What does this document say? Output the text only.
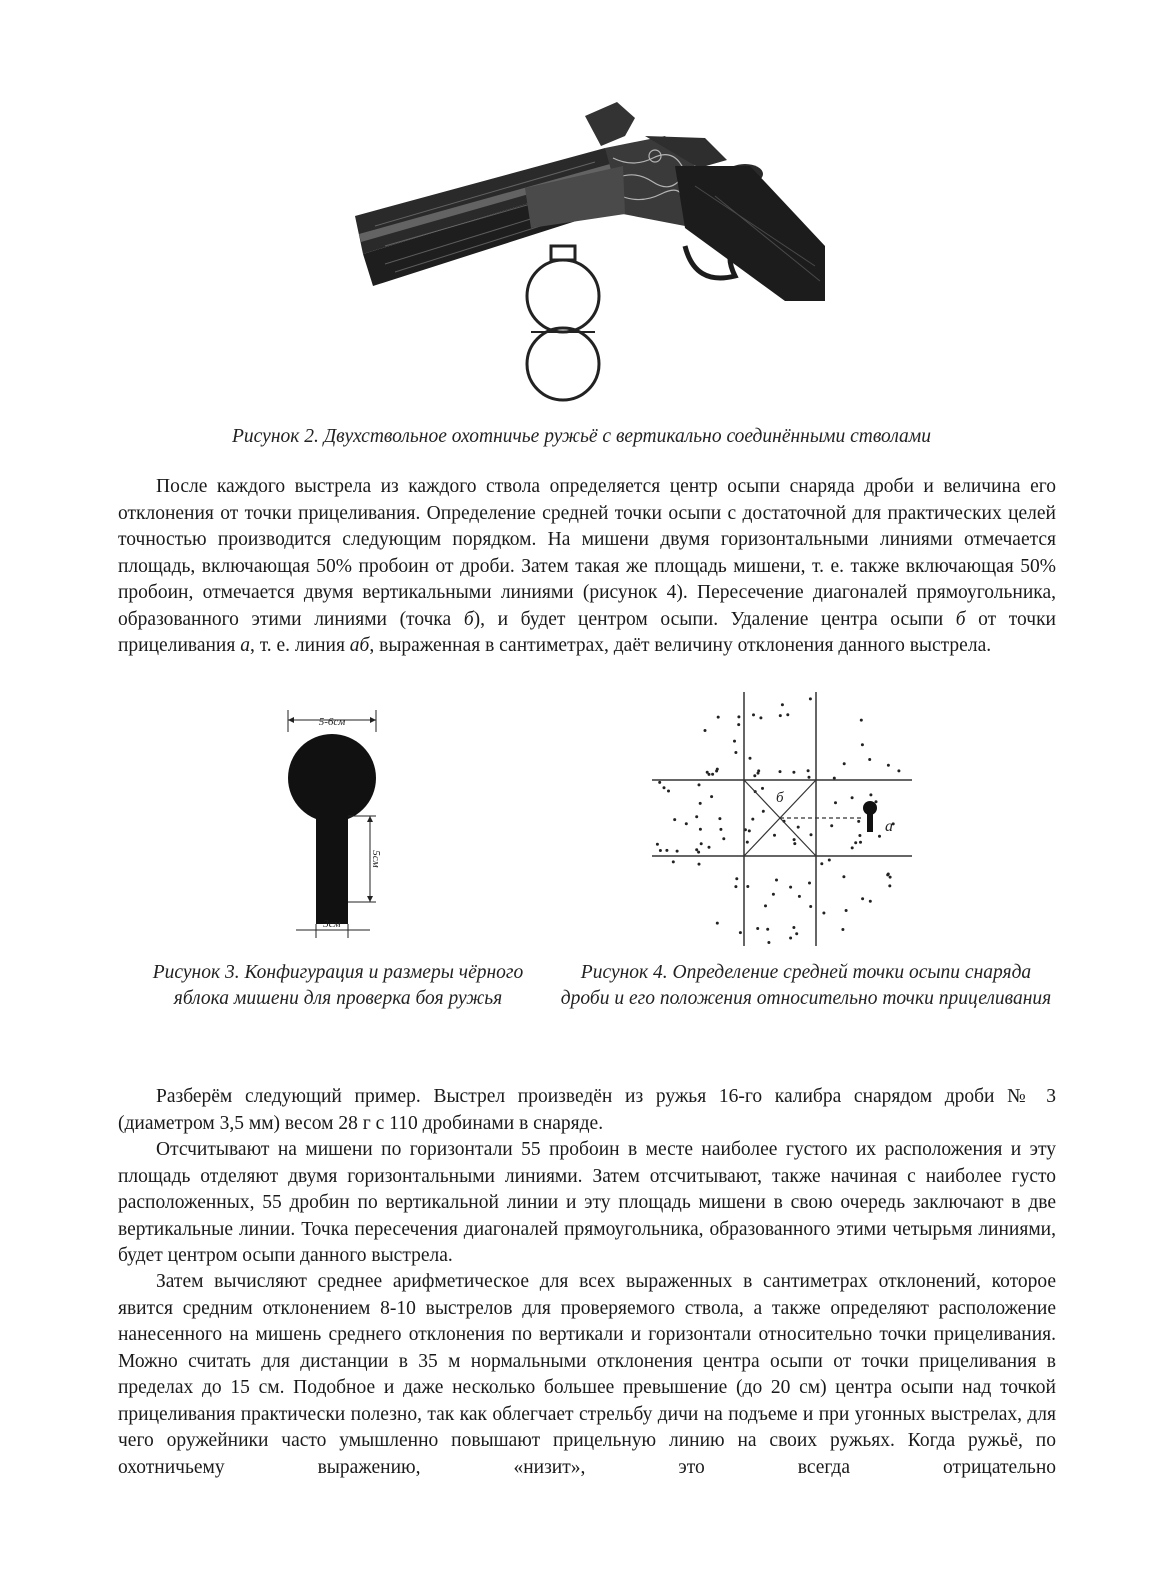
Рисунок 2. Двухствольное охотничье ружьё с вертикально соединёнными стволами

После каждого выстрела из каждого ствола определяется центр осыпи снаряда дроби и величина его отклонения от точки прицеливания. Определение средней точки осыпи с достаточной для практических целей точностью производится следующим порядком. На мишени двумя горизонтальными линиями отмечается площадь, включающая 50% пробоин от дроби. Затем такая же площадь мишени, т. е. также включающая 50% пробоин, отмечается двумя вертикальными линиями (рисунок 4). Пересечение диагоналей прямоугольника, образованного этими линиями (точка б), и будет центром осыпи. Удаление центра осыпи б от точки прицеливания а, т. е. линия аб, выраженная в сантиметрах, даёт величину отклонения данного выстрела.

5-6см
5см
3см
б
а
Рисунок 3. Конфигурация и размеры чёрного яблока мишени для проверка боя ружья
Рисунок 4. Определение средней точки осыпи снаряда дроби и его положения относительно точки прицеливания

Разберём следующий пример. Выстрел произведён из ружья 16-го калибра снарядом дроби № 3 (диаметром 3,5 мм) весом 28 г с 110 дробинами в снаряде.

Отсчитывают на мишени по горизонтали 55 пробоин в месте наиболее густого их расположения и эту площадь отделяют двумя горизонтальными линиями. Затем отсчитывают, также начиная с наиболее густо расположенных, 55 дробин по вертикальной линии и эту площадь мишени в свою очередь заключают в две вертикальные линии. Точка пересечения диагоналей прямоугольника, образованного этими четырьмя линиями, будет центром осыпи данного выстрела.

Затем вычисляют среднее арифметическое для всех выраженных в сантиметрах отклонений, которое явится средним отклонением 8-10 выстрелов для проверяемого ствола, а также определяют расположение нанесенного на мишень среднего отклонения по вертикали и горизонтали относительно точки прицеливания. Можно считать для дистанции в 35 м нормальными отклонения центра осыпи от точки прицеливания в пределах до 15 см. Подобное и даже несколько большее превышение (до 20 см) центра осыпи над точкой прицеливания практически полезно, так как облегчает стрельбу дичи на подъеме и при угонных выстрелах, для чего оружейники часто умышленно повышают прицельную линию на своих ружьях. Когда ружьё, по охотничьему выражению, «низит», это всегда отрицательно
